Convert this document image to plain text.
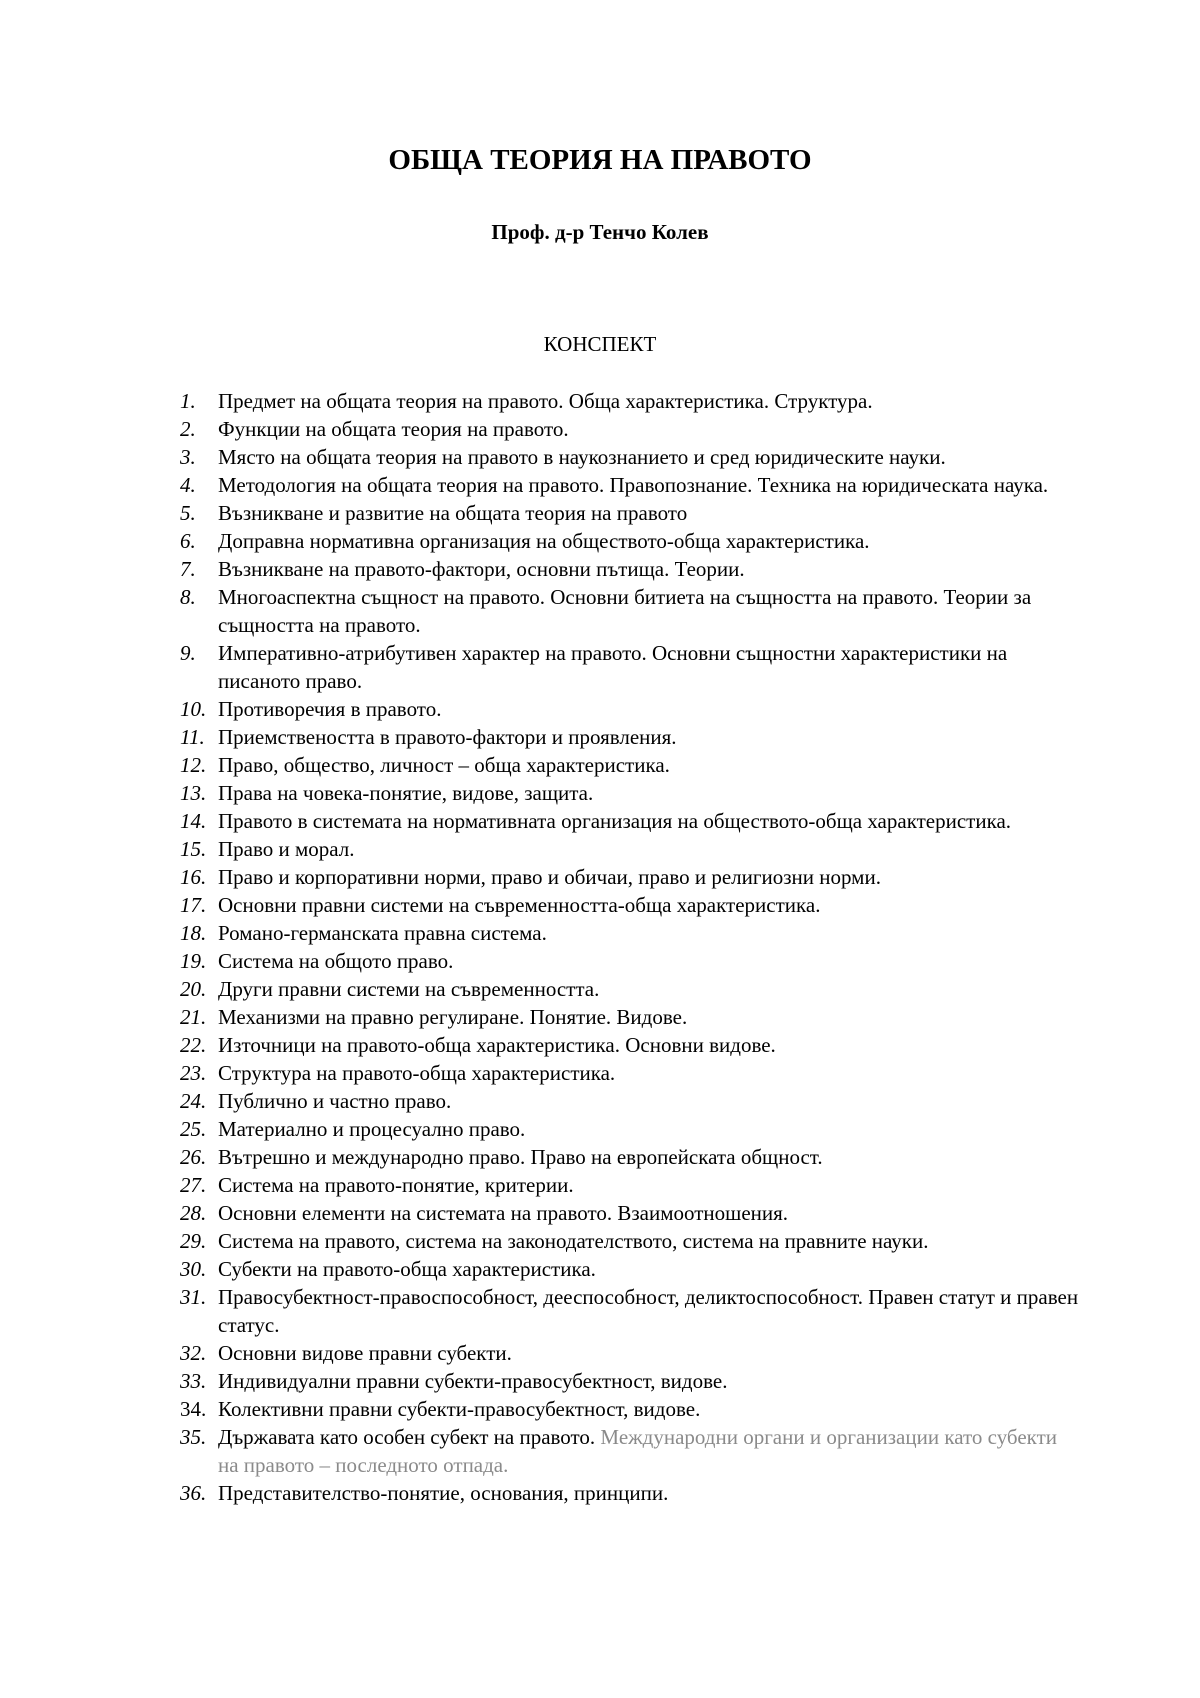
ОБЩА ТЕОРИЯ НА ПРАВОТО
Проф. д-р Тенчо Колев
КОНСПЕКТ
1.	Предмет на общата теория на правото. Обща характеристика. Структура.
2.	Функции на общата теория на правото.
3.	Място на общата теория на правото в наукознанието и сред юридическите науки.
4.	Методология на общата теория на правото. Правопознание. Техника на юридическата наука.
5.	Възникване и развитие на общата теория на правото
6.	Доправна нормативна организация на обществото-обща характеристика.
7.	Възникване на правото-фактори, основни пътища. Теории.
8.	Многоаспектна същност на правото. Основни битиета на същността на правото. Теории за същността на правото.
9.	Императивно-атрибутивен характер на правото. Основни същностни характеристики на писаното право.
10. Противоречия в правото.
11. Приемствеността в правото-фактори и проявления.
12. Право, общество, личност – обща характеристика.
13. Права на човека-понятие, видове, защита.
14. Правото в системата на нормативната организация на обществото-обща характеристика.
15. Право и морал.
16. Право и корпоративни норми, право и обичаи, право и религиозни норми.
17. Основни правни системи на съвременността-обща характеристика.
18. Романо-германската правна система.
19. Система на общото право.
20. Други правни системи на съвременността.
21. Механизми на правно регулиране. Понятие. Видове.
22. Източници на правото-обща характеристика. Основни видове.
23. Структура на правото-обща характеристика.
24. Публично и частно право.
25. Материално и процесуално право.
26. Вътрешно и международно право. Право на европейската общност.
27. Система на правото-понятие, критерии.
28. Основни елементи на системата на правото. Взаимоотношения.
29. Система на правото, система на законодателството, система на правните науки.
30. Субекти на правото-обща характеристика.
31. Правосубектност-правоспособност, дееспособност, деликтоспособност. Правен статут и правен статус.
32. Основни видове правни субекти.
33. Индивидуални правни субекти-правосубектност, видове.
34. Колективни правни субекти-правосубектност, видове.
35. Държавата като особен субект на правото. Международни органи и организации като субекти на правото – последното отпада.
36. Представителство-понятие, основания, принципи.
